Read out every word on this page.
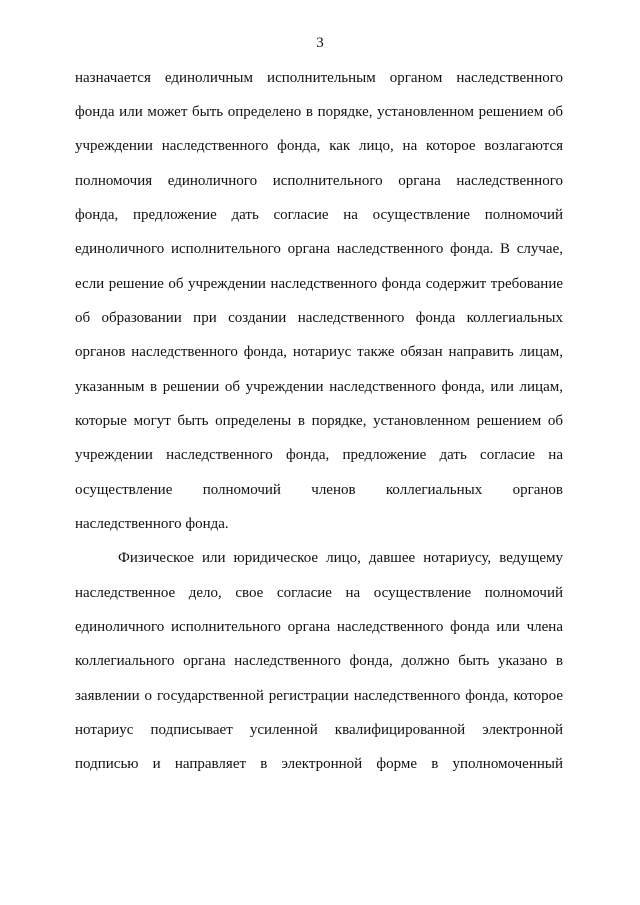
3
назначается единоличным исполнительным органом наследственного
фонда или может быть определено в порядке, установленном решением об
учреждении наследственного фонда, как лицо, на которое возлагаются
полномочия единоличного исполнительного органа наследственного
фонда, предложение дать согласие на осуществление полномочий
единоличного исполнительного органа наследственного фонда. В случае,
если решение об учреждении наследственного фонда содержит требование
об образовании при создании наследственного фонда коллегиальных
органов наследственного фонда, нотариус также обязан направить лицам,
указанным в решении об учреждении наследственного фонда, или лицам,
которые могут быть определены в порядке, установленном решением об
учреждении наследственного фонда, предложение дать согласие на
осуществление полномочий членов коллегиальных органов
наследственного фонда.
Физическое или юридическое лицо, давшее нотариусу, ведущему
наследственное дело, свое согласие на осуществление полномочий
единоличного исполнительного органа наследственного фонда или члена
коллегиального органа наследственного фонда, должно быть указано в
заявлении о государственной регистрации наследственного фонда, которое
нотариус подписывает усиленной квалифицированной электронной
подписью и направляет в электронной форме в уполномоченный
